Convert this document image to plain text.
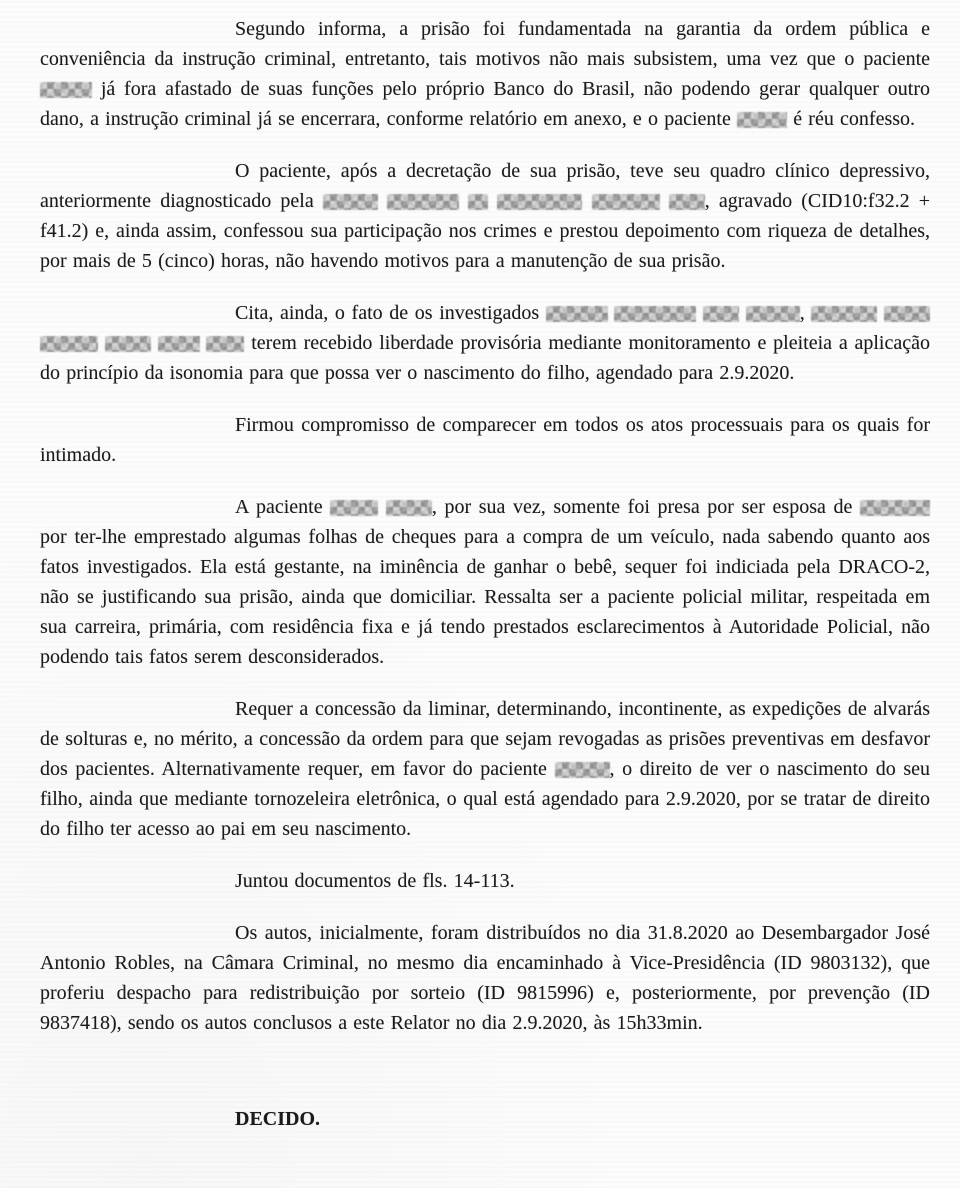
Segundo informa, a prisão foi fundamentada na garantia da ordem pública e conveniência da instrução criminal, entretanto, tais motivos não mais subsistem, uma vez que o paciente  já fora afastado de suas funções pelo próprio Banco do Brasil, não podendo gerar qualquer outro dano, a instrução criminal já se encerrara, conforme relatório em anexo, e o paciente	é réu confesso.

O paciente, após a decretação de sua prisão, teve seu quadro clínico depressivo, anteriormente diagnosticado pela	, agravado (CID10:f32.2 + f41.2) e, ainda assim, confessou sua participação nos crimes e prestou depoimento com riqueza de detalhes, por mais de 5 (cinco) horas, não havendo motivos para a manutenção de sua prisão.

Cita, ainda, o fato de os investigados	,       terem recebido liberdade provisória mediante monitoramento e pleiteia a aplicação do princípio da isonomia para que possa ver o nascimento do filho, agendado para 2.9.2020.

Firmou compromisso de comparecer em todos os atos processuais para os quais for intimado.

A paciente	, por sua vez, somente foi presa por ser esposa de  por ter-lhe emprestado algumas folhas de cheques para a compra de um veículo, nada sabendo quanto aos fatos investigados. Ela está gestante, na iminência de ganhar o bebê, sequer foi indiciada pela DRACO-2, não se justificando sua prisão, ainda que domiciliar. Ressalta ser a paciente policial militar, respeitada em sua carreira, primária, com residência fixa e já tendo prestados esclarecimentos à Autoridade Policial, não podendo tais fatos serem desconsiderados.

Requer a concessão da liminar, determinando, incontinente, as expedições de alvarás de solturas e, no mérito, a concessão da ordem para que sejam revogadas as prisões preventivas em desfavor dos pacientes. Alternativamente requer, em favor do paciente	, o direito de ver o nascimento do seu filho, ainda que mediante tornozeleira eletrônica, o qual está agendado para 2.9.2020, por se tratar de direito do filho ter acesso ao pai em seu nascimento.

Juntou documentos de fls. 14-113.

Os autos, inicialmente, foram distribuídos no dia 31.8.2020 ao Desembargador José Antonio Robles, na Câmara Criminal, no mesmo dia encaminhado à Vice-Presidência (ID 9803132), que proferiu despacho para redistribuição por sorteio (ID 9815996) e, posteriormente, por prevenção (ID 9837418), sendo os autos conclusos a este Relator no dia 2.9.2020, às 15h33min.

DECIDO.
